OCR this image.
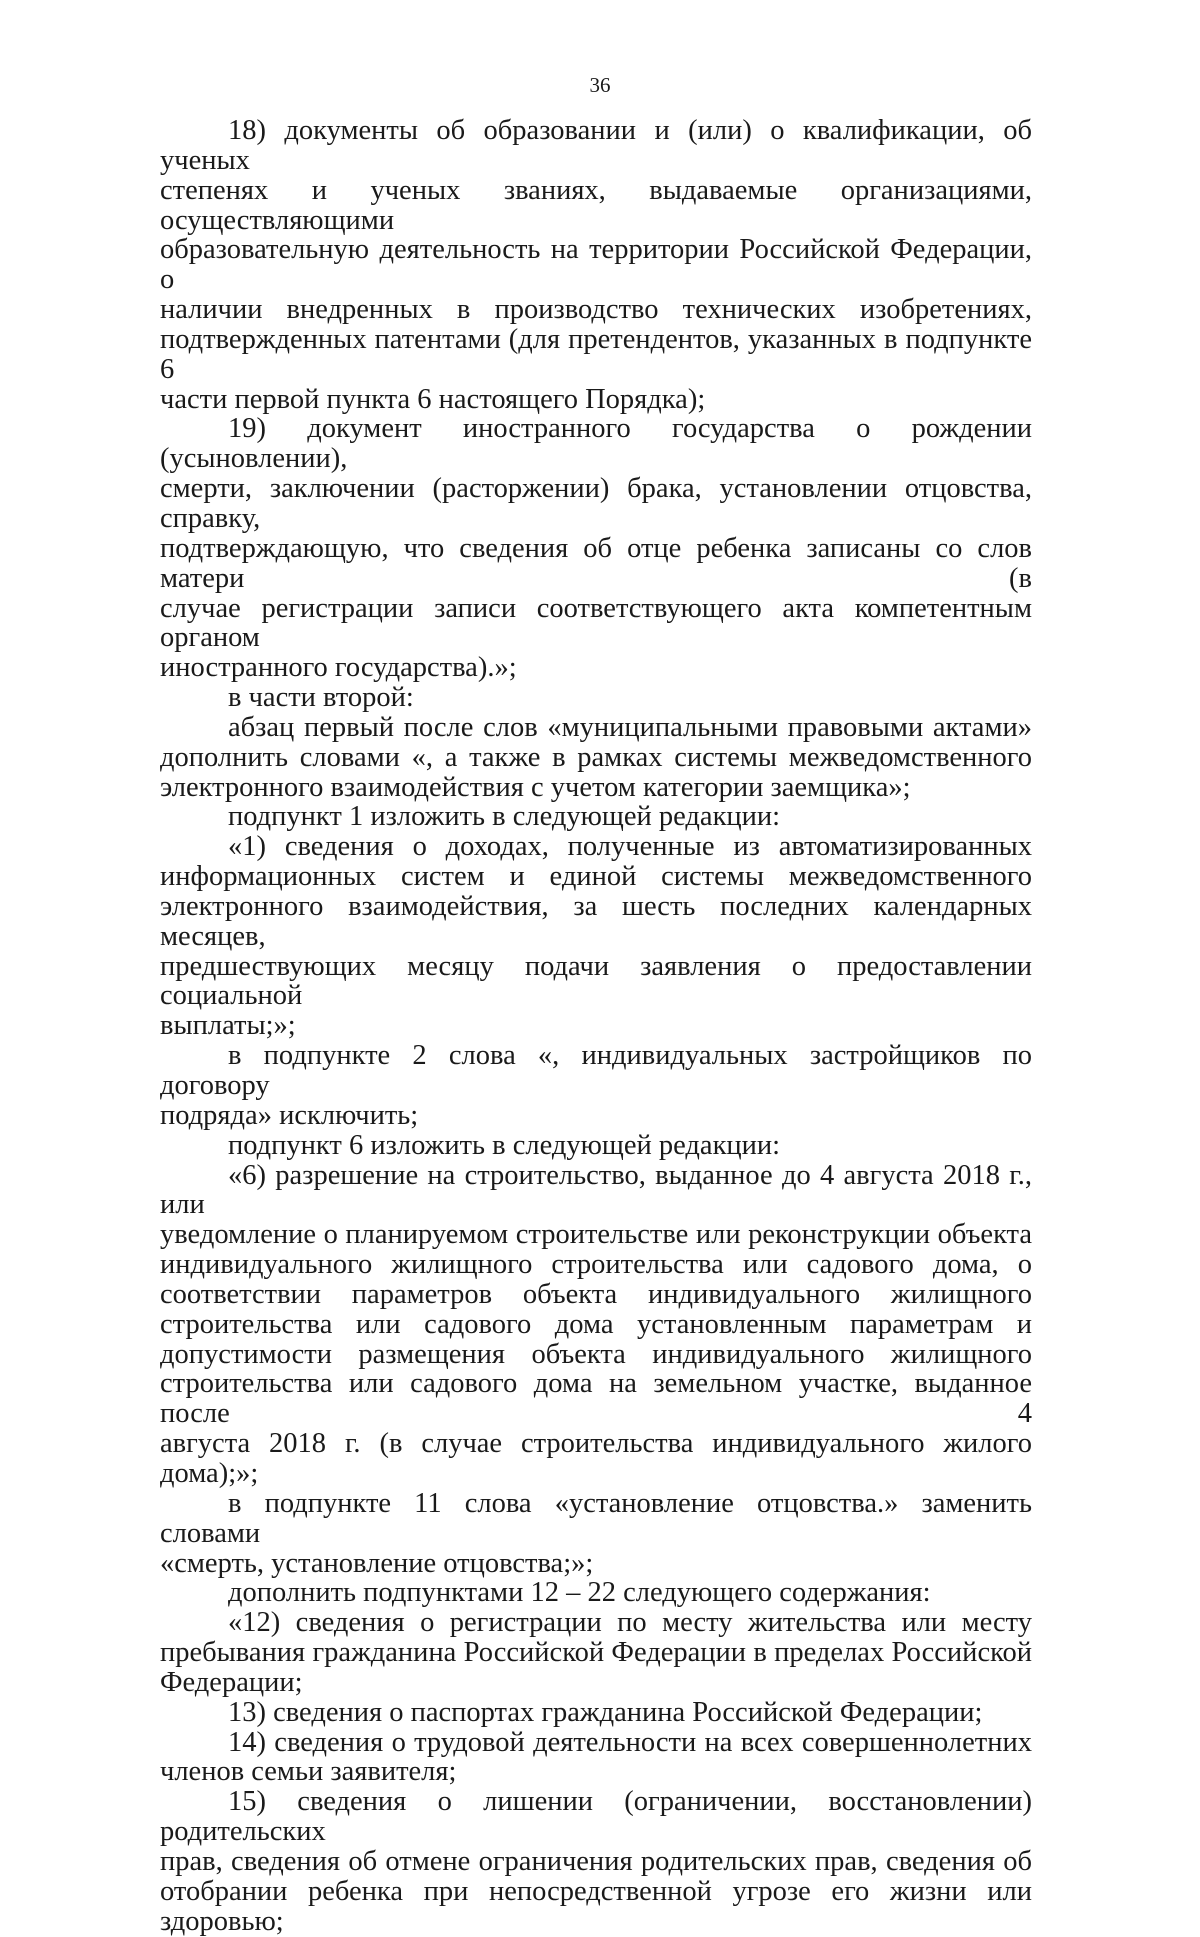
36
18) документы об образовании и (или) о квалификации, об ученых
степенях и ученых званиях, выдаваемые организациями, осуществляющими
образовательную деятельность на территории Российской Федерации, о
наличии внедренных в производство технических изобретениях,
подтвержденных патентами (для претендентов, указанных в подпункте 6
части первой пункта 6 настоящего Порядка);
19) документ иностранного государства о рождении (усыновлении),
смерти, заключении (расторжении) брака, установлении отцовства, справку,
подтверждающую, что сведения об отце ребенка записаны со слов матери (в
случае регистрации записи соответствующего акта компетентным органом
иностранного государства).»;
в части второй:
абзац первый после слов «муниципальными правовыми актами»
дополнить словами «, а также в рамках системы межведомственного
электронного взаимодействия с учетом категории заемщика»;
подпункт 1 изложить в следующей редакции:
«1) сведения о доходах, полученные из автоматизированных
информационных систем и единой системы межведомственного
электронного взаимодействия, за шесть последних календарных месяцев,
предшествующих месяцу подачи заявления о предоставлении социальной
выплаты;»;
в подпункте 2 слова «, индивидуальных застройщиков по договору
подряда» исключить;
подпункт 6 изложить в следующей редакции:
«6) разрешение на строительство, выданное до 4 августа 2018 г., или
уведомление о планируемом строительстве или реконструкции объекта
индивидуального жилищного строительства или садового дома, о
соответствии параметров объекта индивидуального жилищного
строительства или садового дома установленным параметрам и
допустимости размещения объекта индивидуального жилищного
строительства или садового дома на земельном участке, выданное после 4
августа 2018 г. (в случае строительства индивидуального жилого дома);»;
в подпункте 11 слова «установление отцовства.» заменить словами
«смерть, установление отцовства;»;
дополнить подпунктами 12 – 22 следующего содержания:
«12) сведения о регистрации по месту жительства или месту
пребывания гражданина Российской Федерации в пределах Российской
Федерации;
13) сведения о паспортах гражданина Российской Федерации;
14) сведения о трудовой деятельности на всех совершеннолетних
членов семьи заявителя;
15) сведения о лишении (ограничении, восстановлении) родительских
прав, сведения об отмене ограничения родительских прав, сведения об
отобрании ребенка при непосредственной угрозе его жизни или здоровью;
